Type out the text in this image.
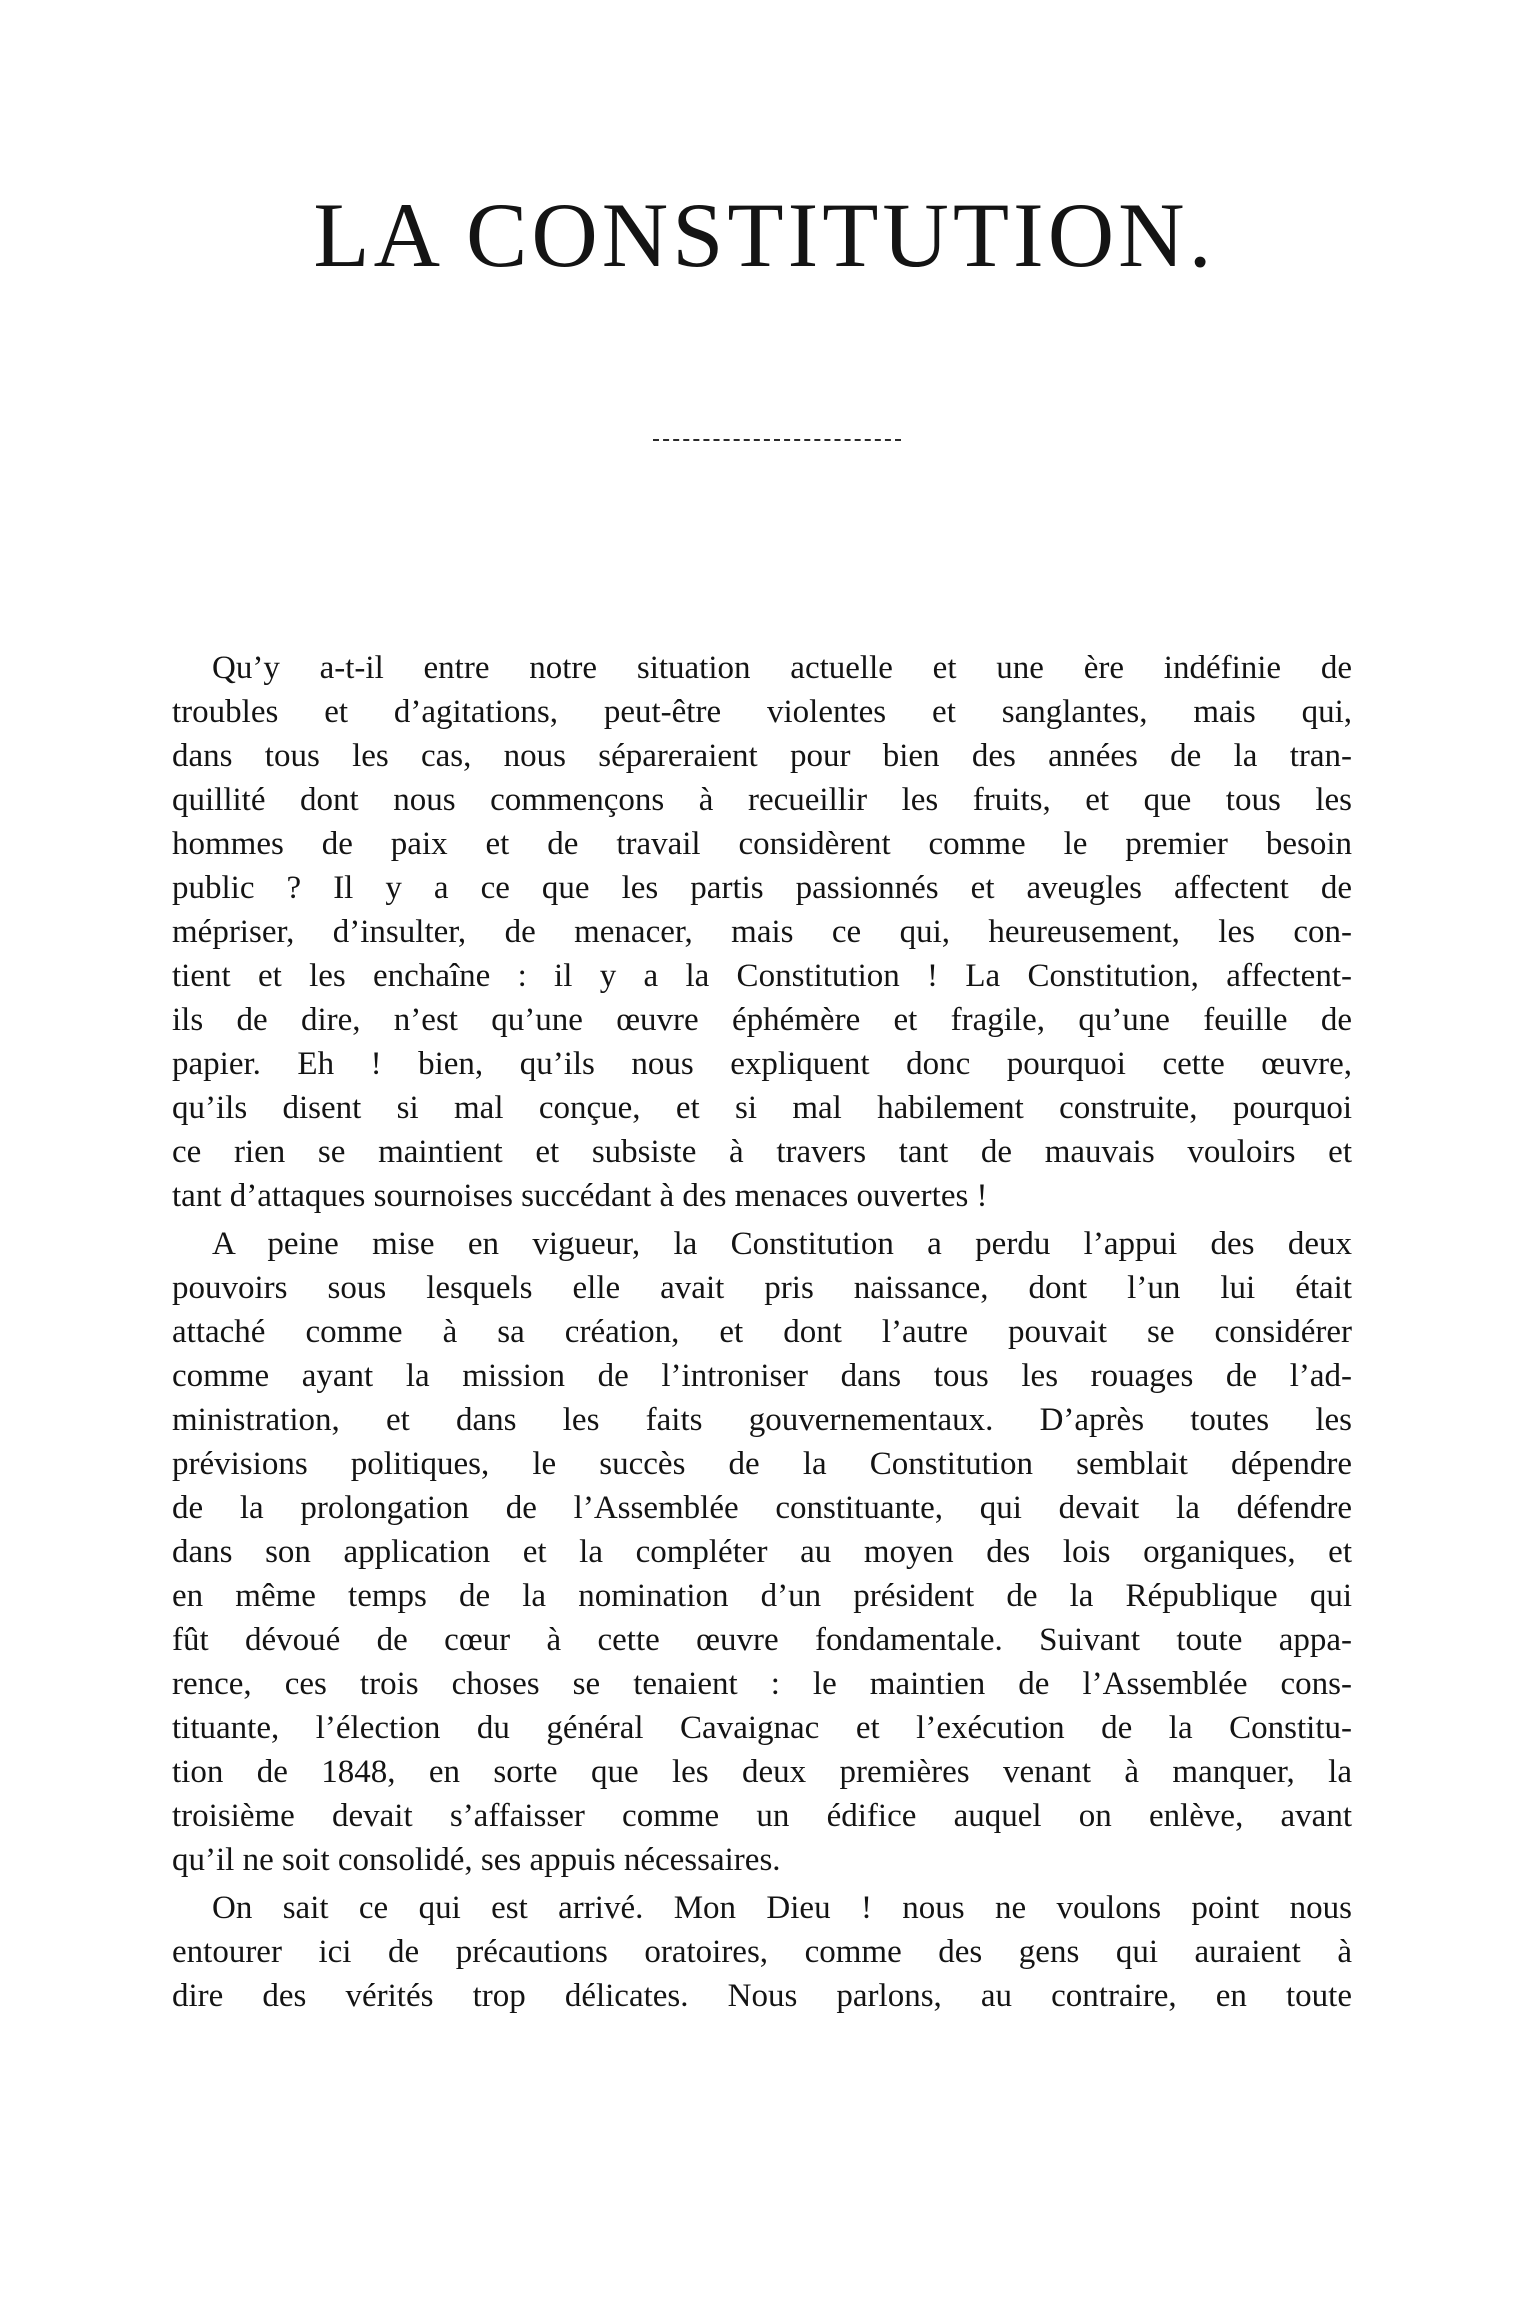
LA CONSTITUTION.
Qu’y a-t-il entre notre situation actuelle et une ère indéfinie de
troubles et d’agitations, peut-être violentes et sanglantes, mais qui,
dans tous les cas, nous sépareraient pour bien des années de la tran-
quillité dont nous commençons à recueillir les fruits, et que tous les
hommes de paix et de travail considèrent comme le premier besoin
public ? Il y a ce que les partis passionnés et aveugles affectent de
mépriser, d’insulter, de menacer, mais ce qui, heureusement, les con-
tient et les enchaîne : il y a la Constitution ! La Constitution, affectent-
ils de dire, n’est qu’une œuvre éphémère et fragile, qu’une feuille de
papier. Eh ! bien, qu’ils nous expliquent donc pourquoi cette œuvre,
qu’ils disent si mal conçue, et si mal habilement construite, pourquoi
ce rien se maintient et subsiste à travers tant de mauvais vouloirs et
tant d’attaques sournoises succédant à des menaces ouvertes !
A peine mise en vigueur, la Constitution a perdu l’appui des deux
pouvoirs sous lesquels elle avait pris naissance, dont l’un lui était
attaché comme à sa création, et dont l’autre pouvait se considérer
comme ayant la mission de l’introniser dans tous les rouages de l’ad-
ministration, et dans les faits gouvernementaux. D’après toutes les
prévisions politiques, le succès de la Constitution semblait dépendre
de la prolongation de l’Assemblée constituante, qui devait la défendre
dans son application et la compléter au moyen des lois organiques, et
en même temps de la nomination d’un président de la République qui
fût dévoué de cœur à cette œuvre fondamentale. Suivant toute appa-
rence, ces trois choses se tenaient : le maintien de l’Assemblée cons-
tituante, l’élection du général Cavaignac et l’exécution de la Constitu-
tion de 1848, en sorte que les deux premières venant à manquer, la
troisième devait s’affaisser comme un édifice auquel on enlève, avant
qu’il ne soit consolidé, ses appuis nécessaires.
On sait ce qui est arrivé. Mon Dieu ! nous ne voulons point nous
entourer ici de précautions oratoires, comme des gens qui auraient à
dire des vérités trop délicates. Nous parlons, au contraire, en toute
